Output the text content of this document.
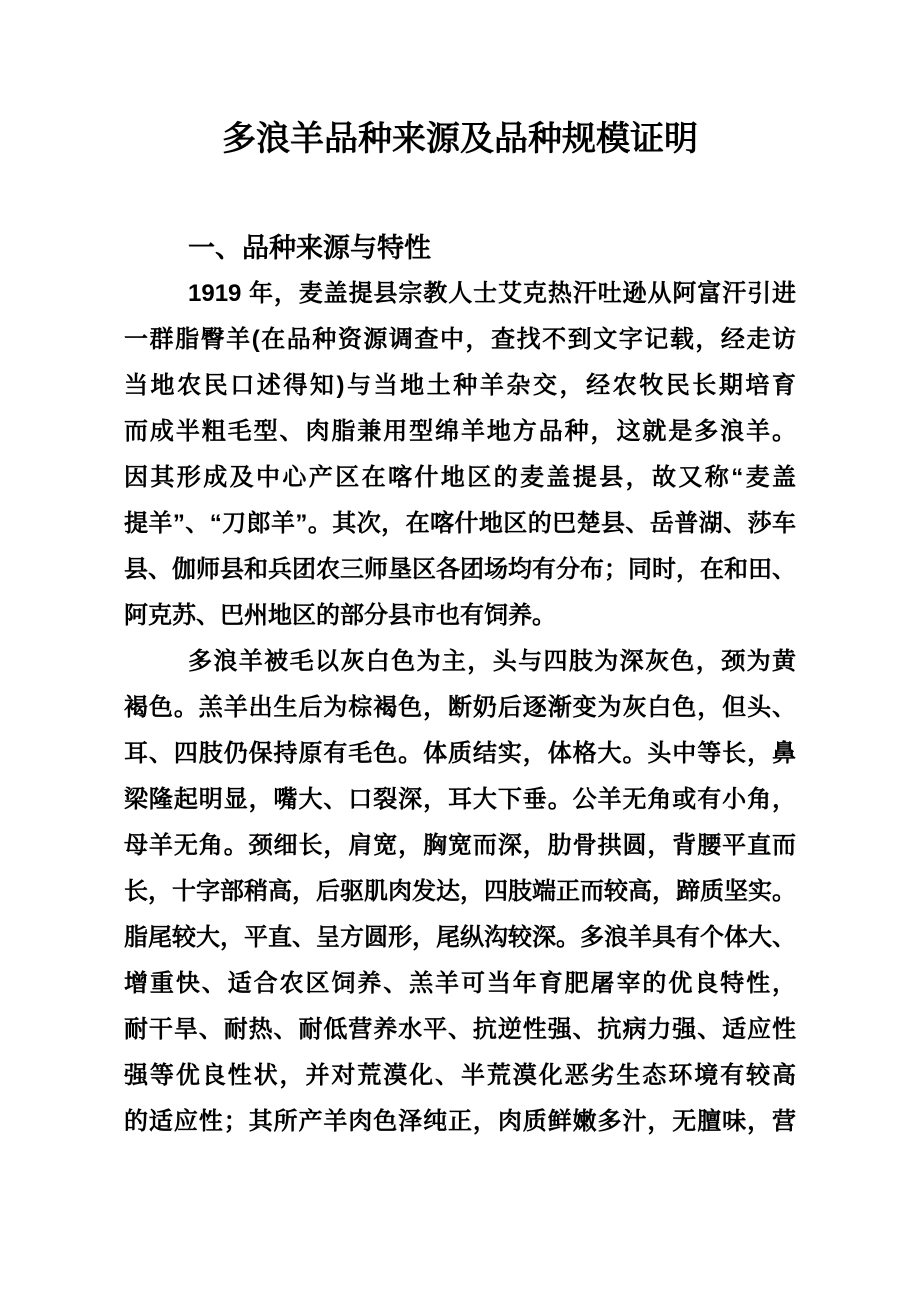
多浪羊品种来源及品种规模证明
一、品种来源与特性
1919 年，麦盖提县宗教人士艾克热汗吐逊从阿富汗引进
一群脂臀羊(在品种资源调查中，查找不到文字记载，经走访
当地农民口述得知)与当地土种羊杂交，经农牧民长期培育
而成半粗毛型、肉脂兼用型绵羊地方品种，这就是多浪羊。
因其形成及中心产区在喀什地区的麦盖提县，故又称“麦盖
提羊”、“刀郎羊”。其次，在喀什地区的巴楚县、岳普湖、莎车
县、伽师县和兵团农三师垦区各团场均有分布；同时，在和田、
阿克苏、巴州地区的部分县市也有饲养。
多浪羊被毛以灰白色为主，头与四肢为深灰色，颈为黄
褐色。羔羊出生后为棕褐色，断奶后逐渐变为灰白色，但头、
耳、四肢仍保持原有毛色。体质结实，体格大。头中等长，鼻
梁隆起明显，嘴大、口裂深，耳大下垂。公羊无角或有小角，
母羊无角。颈细长，肩宽，胸宽而深，肋骨拱圆，背腰平直而
长，十字部稍高，后驱肌肉发达，四肢端正而较高，蹄质坚实。
脂尾较大，平直、呈方圆形，尾纵沟较深。多浪羊具有个体大、
增重快、适合农区饲养、羔羊可当年育肥屠宰的优良特性，
耐干旱、耐热、耐低营养水平、抗逆性强、抗病力强、适应性
强等优良性状，并对荒漠化、半荒漠化恶劣生态环境有较高
的适应性；其所产羊肉色泽纯正，肉质鲜嫩多汁，无膻味，营
